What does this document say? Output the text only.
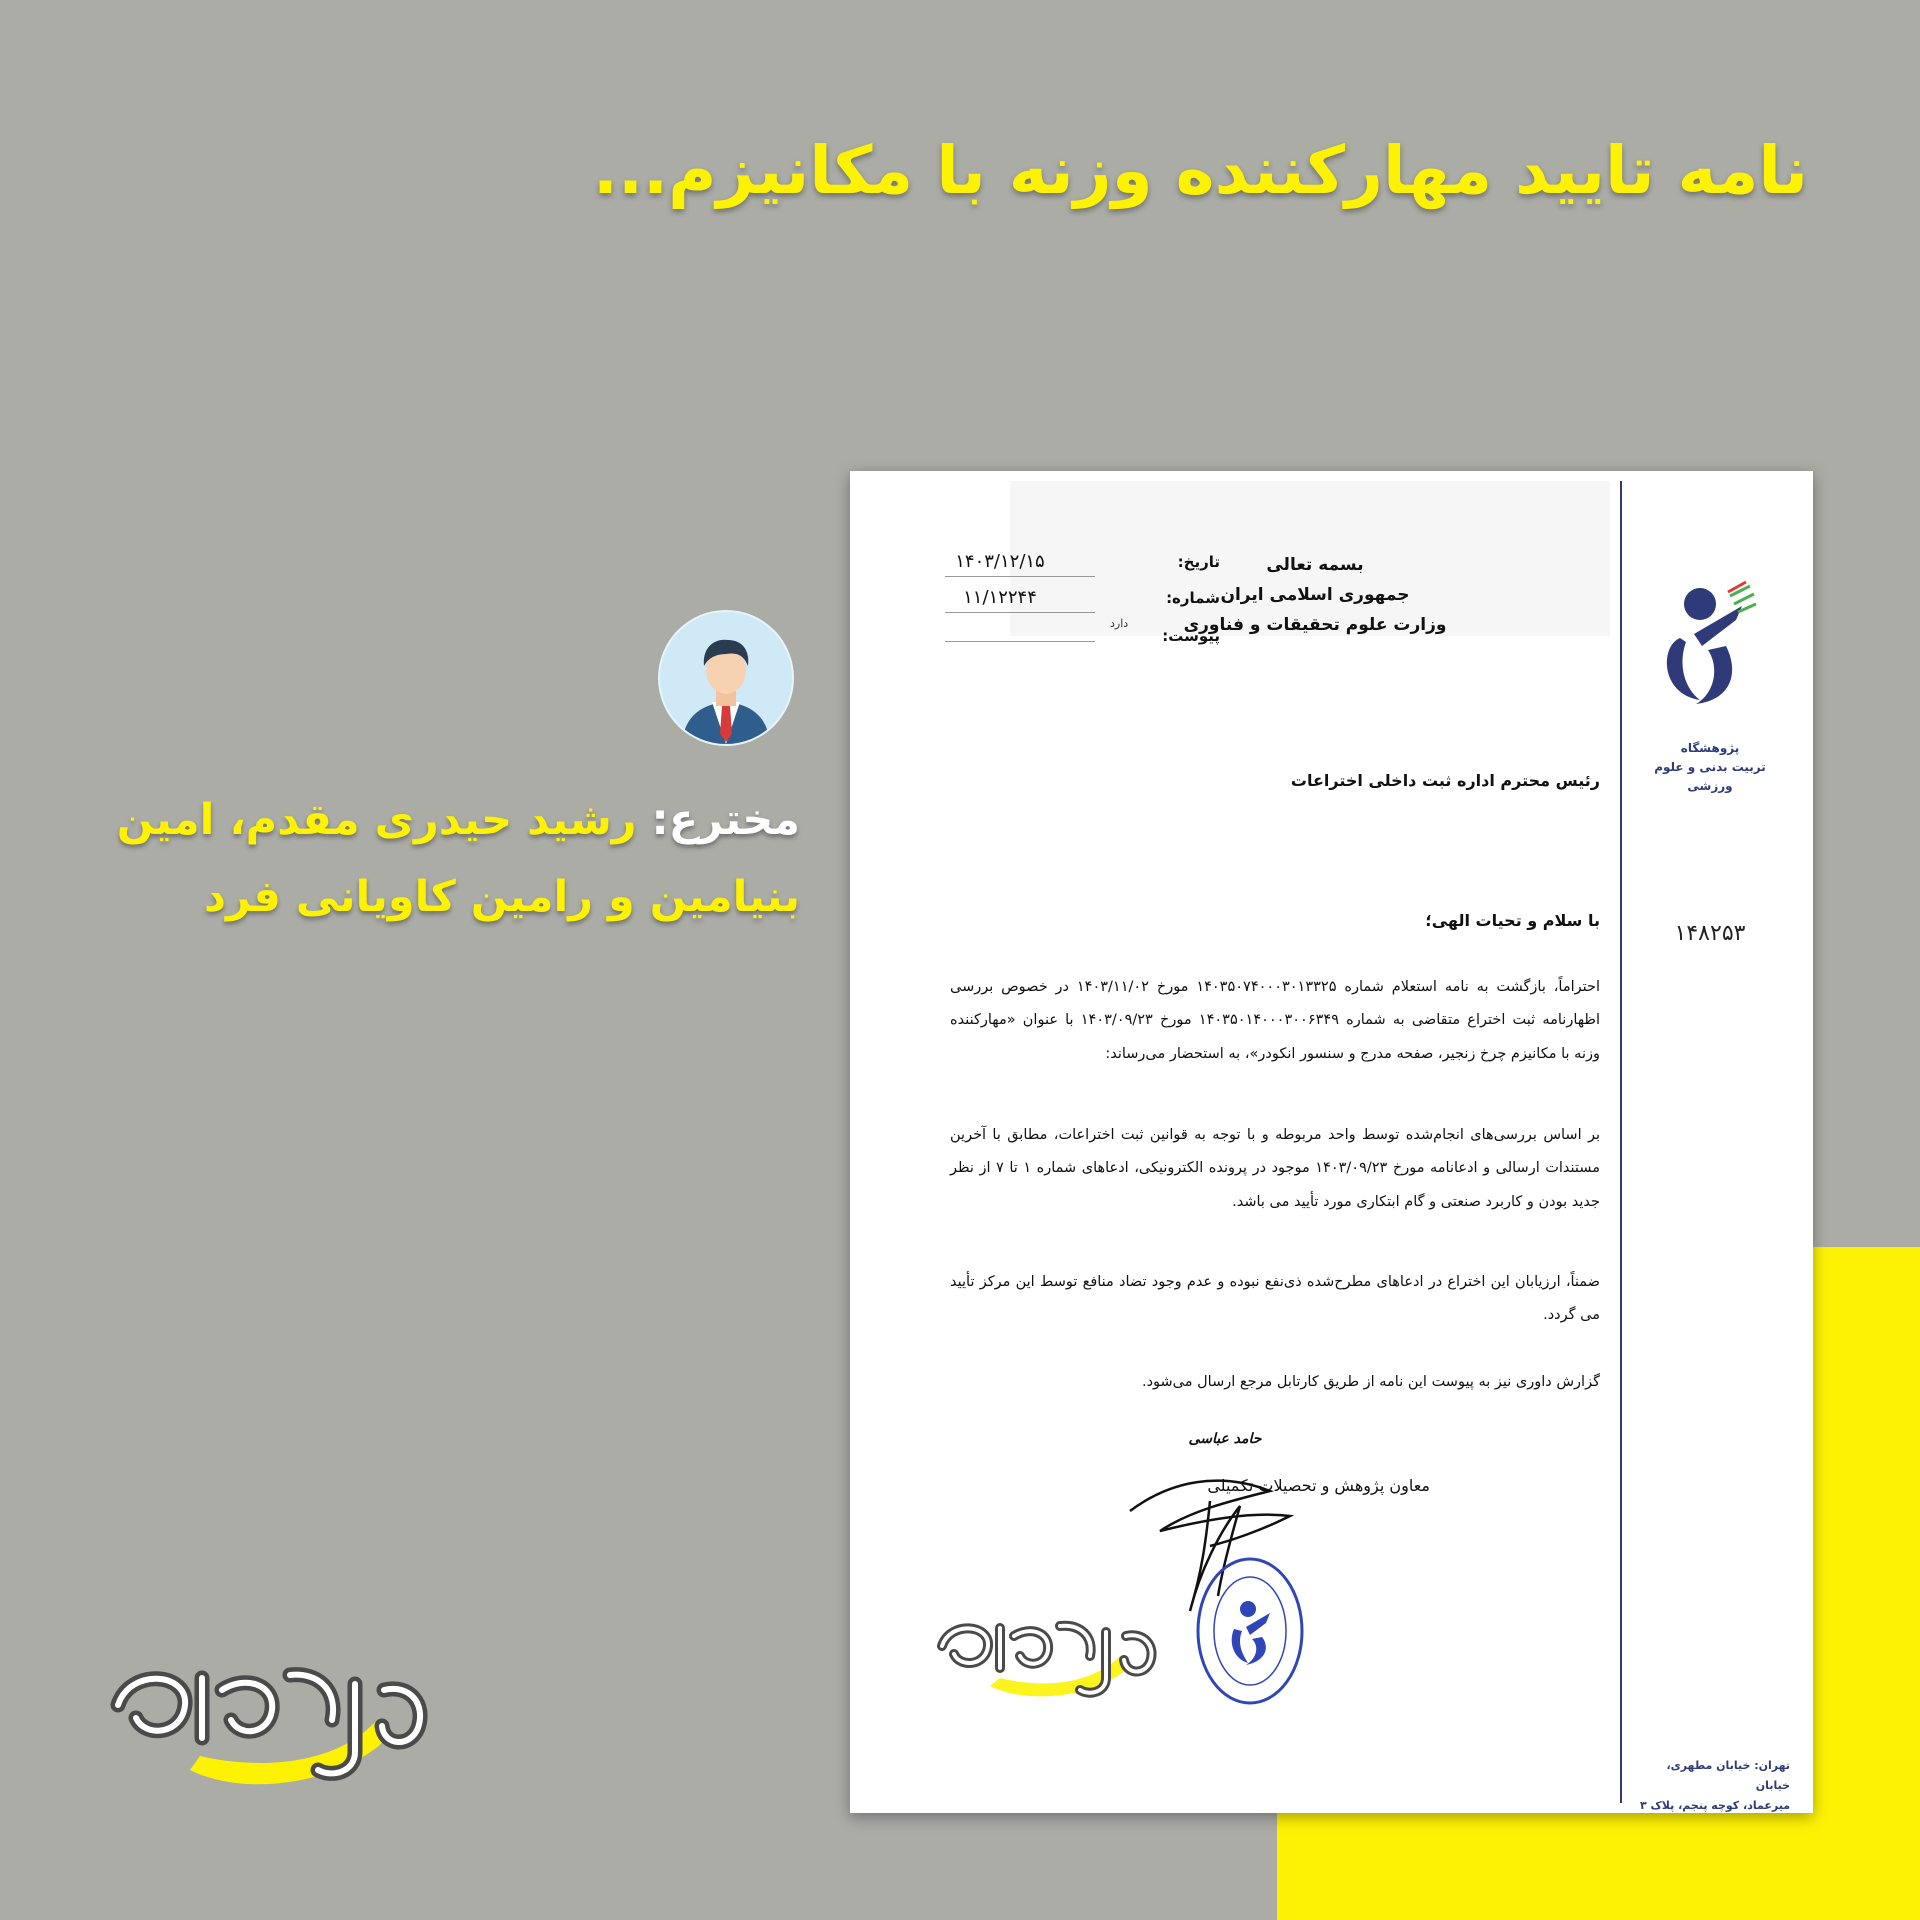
نامه تایید مهارکننده وزنه با مکانیزم...
مخترع: رشید حیدری مقدم، امین بنیامین و رامین کاویانی فرد
پژوهشگاه
تربیت بدنی و علوم ورزشی
۱۴۸۲۵۳
تهران: خیابان مطهری، خیابان
میرعماد، کوچه پنجم، پلاک ۳
بسمه تعالی
جمهوری اسلامی ایران
وزارت علوم تحقیقات و فناوری
تاریخ:
۱۴۰۳/۱۲/۱۵
شماره:
۱۱/۱۲۲۴۴
دارد
پیوست:
رئیس محترم اداره ثبت داخلی اختراعات
با سلام و تحیات الهی؛
احتراماً، بازگشت به نامه استعلام شماره ۱۴۰۳۵۰۷۴۰۰۰۳۰۱۳۳۲۵ مورخ ۱۴۰۳/۱۱/۰۲ در خصوص بررسی اظهارنامه ثبت اختراع متقاضی به شماره ۱۴۰۳۵۰۱۴۰۰۰۳۰۰۶۳۴۹ مورخ ۱۴۰۳/۰۹/۲۳ با عنوان «مهارکننده وزنه با مکانیزم چرخ زنجیر، صفحه مدرج و سنسور انکودر»، به استحضار می‌رساند:
بر اساس بررسی‌های انجام‌شده توسط واحد مربوطه و با توجه به قوانین ثبت اختراعات، مطابق با آخرین مستندات ارسالی و ادعانامه مورخ ۱۴۰۳/۰۹/۲۳ موجود در پرونده الکترونیکی، ادعاهای شماره ۱ تا ۷ از نظر جدید بودن و کاربرد صنعتی و گام ابتکاری مورد تأیید می باشد.
ضمناً، ارزیابان این اختراع در ادعاهای مطرح‌شده ذی‌نفع نبوده و عدم وجود تضاد منافع توسط این مرکز تأیید می گردد.
گزارش داوری نیز به پیوست این نامه از طریق کارتابل مرجع ارسال می‌شود.
حامد عباسی
معاون پژوهش و تحصیلات تکمیلی
